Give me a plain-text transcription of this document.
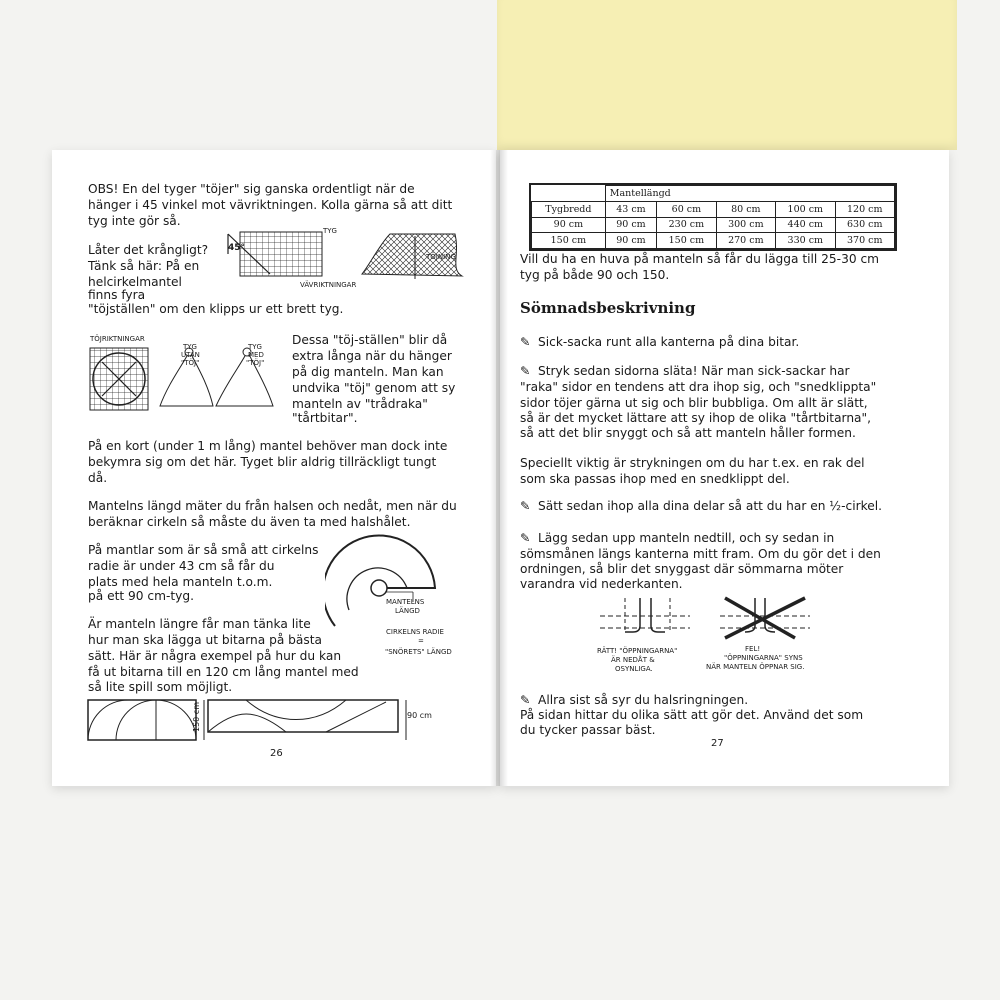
OBS! En del tyger "töjer" sig ganska ordentligt när de
hänger i 45 vinkel mot vävriktningen. Kolla gärna så att ditt
tyg inte gör så.
Låter det krångligt?
Tänk så här: På en
helcirkelmantel
finns fyra
"töjställen" om den klipps ur ett brett tyg.
45°
TYG
VÄVRIKTNINGAR
TÖJNING
TÖJRIKTNINGAR
TYG
UTAN
"TÖJ"
TYG
MED
"TÖJ"
Dessa "töj-ställen" blir då
extra långa när du hänger
på dig manteln. Man kan
undvika "töj" genom att sy
manteln av "trådraka"
"tårtbitar".
På en kort (under 1 m lång) mantel behöver man dock inte
bekymra sig om det här. Tyget blir aldrig tillräckligt tungt
då.
Mantelns längd mäter du från halsen och nedåt, men när du
beräknar cirkeln så måste du även ta med halshålet.
På mantlar som är så små att cirkelns
radie är under 43 cm så får du
plats med hela manteln t.o.m.
på ett 90 cm-tyg.
Är manteln längre får man tänka lite
hur man ska lägga ut bitarna på bästa
sätt. Här är några exempel på hur du kan
få ut bitarna till en 120 cm lång mantel med
så lite spill som möjligt.
MANTELNS
LÄNGD
CIRKELNS RADIE
=
"SNÖRETS" LÄNGD
150 cm	90 cm
26
	Mantellängd				
Tygbredd	43 cm	60 cm	80 cm	100 cm	120 cm
90 cm	90 cm	230 cm	300 cm	440 cm	630 cm
150 cm	90 cm	150 cm	270 cm	330 cm	370 cm
Vill du ha en huva på manteln så får du lägga till 25-30 cm
tyg på både 90 och 150.
Sömnadsbeskrivning
✎ Sick-sacka runt alla kanterna på dina bitar.
✎ Stryk sedan sidorna släta! När man sick-sackar har
"raka" sidor en tendens att dra ihop sig, och "snedklippta"
sidor töjer gärna ut sig och blir bubbliga. Om allt är slätt,
så är det mycket lättare att sy ihop de olika "tårtbitarna",
så att det blir snyggt och så att manteln håller formen.
Speciellt viktig är strykningen om du har t.ex. en rak del
som ska passas ihop med en snedklippt del.
✎ Sätt sedan ihop alla dina delar så att du har en ½-cirkel.
✎ Lägg sedan upp manteln nedtill, och sy sedan in
sömsmånen längs kanterna mitt fram. Om du gör det i den
ordningen, så blir det snyggast där sömmarna möter
varandra vid nederkanten.
RÄTT! "ÖPPNINGARNA"
ÄR NEDÅT &
OSYNLIGA.
FEL!
"ÖPPNINGARNA" SYNS
NÄR MANTELN ÖPPNAR SIG.
✎ Allra sist så syr du halsringningen.
På sidan hittar du olika sätt att gör det. Använd det som
du tycker passar bäst.
27
